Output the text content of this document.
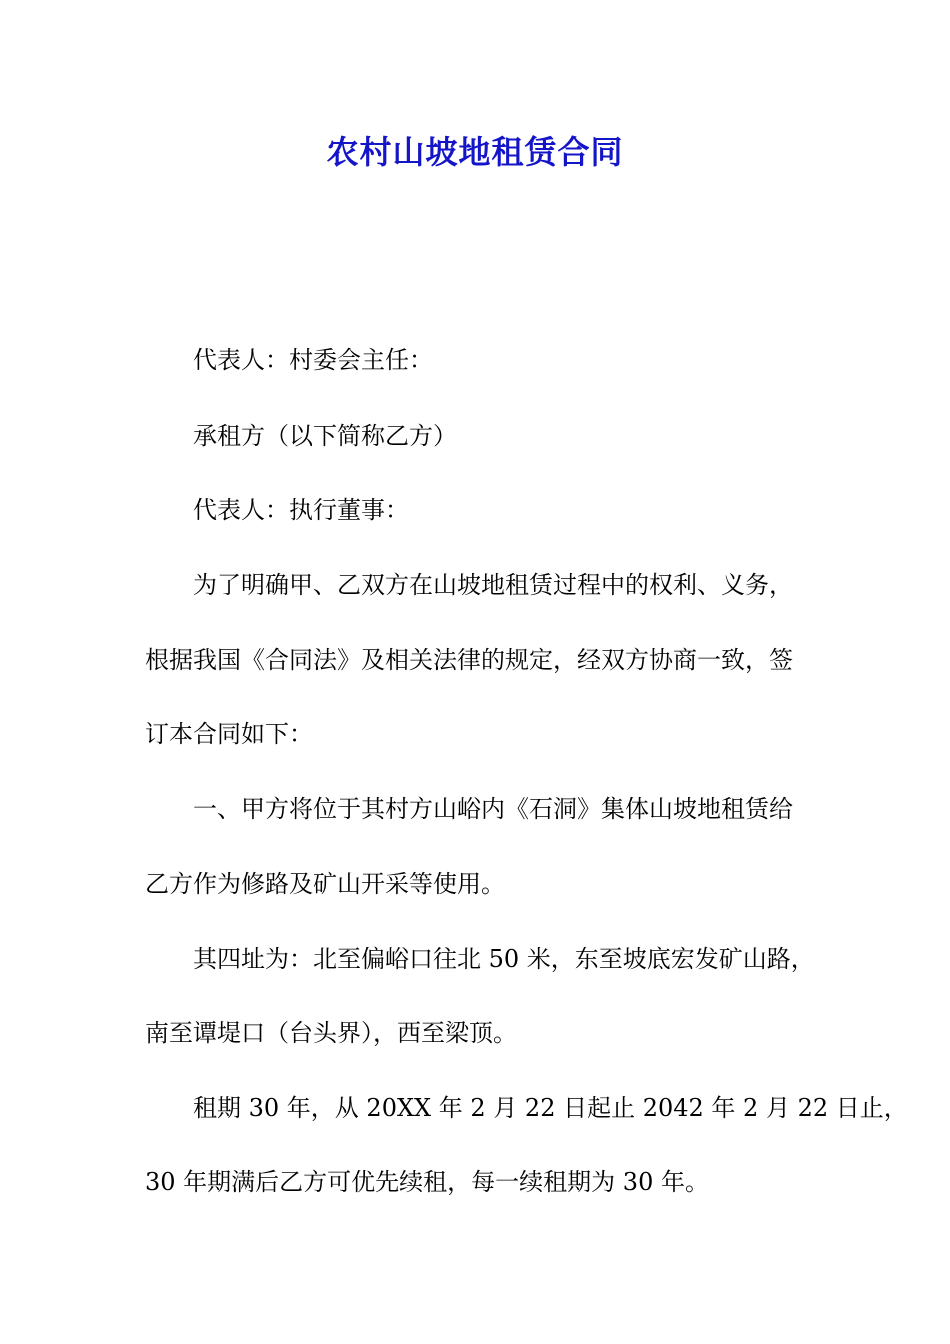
农村山坡地租赁合同
代表人：村委会主任：
承租方（以下简称乙方）
代表人：执行董事：
为了明确甲、乙双方在山坡地租赁过程中的权利、义务，
根据我国《合同法》及相关法律的规定，经双方协商一致，签
订本合同如下：
一、甲方将位于其村方山峪内《石洞》集体山坡地租赁给
乙方作为修路及矿山开采等使用。
其四址为：北至偏峪口往北 50 米，东至坡底宏发矿山路，
南至谭堤口（台头界），西至梁顶。
租期 30 年，从 20XX 年 2 月 22 日起止 2042 年 2 月 22 日止，
30 年期满后乙方可优先续租，每一续租期为 30 年。
